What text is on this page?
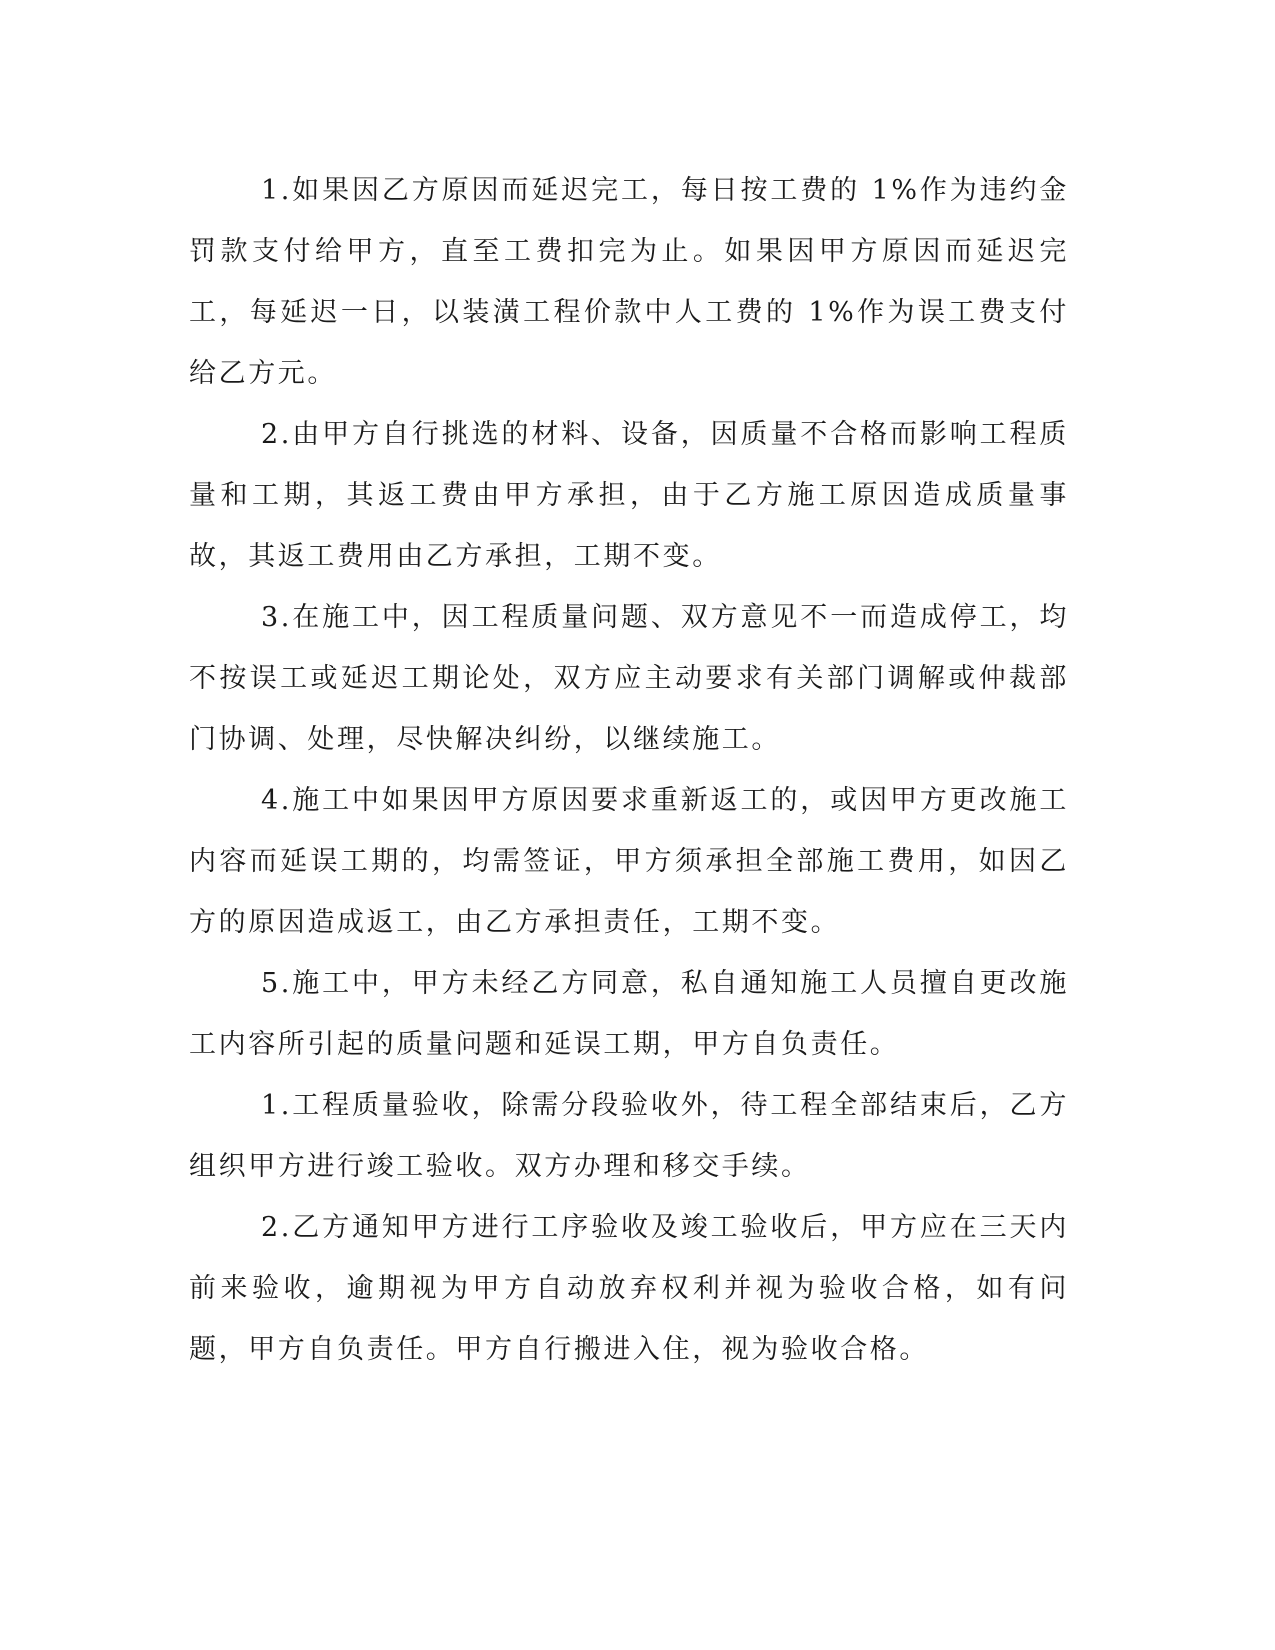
1.如果因乙方原因而延迟完工，每日按工费的 1%作为违约金罚款支付给甲方，直至工费扣完为止。如果因甲方原因而延迟完工，每延迟一日，以装潢工程价款中人工费的 1%作为误工费支付给乙方元。

2.由甲方自行挑选的材料、设备，因质量不合格而影响工程质量和工期，其返工费由甲方承担，由于乙方施工原因造成质量事故，其返工费用由乙方承担，工期不变。

3.在施工中，因工程质量问题、双方意见不一而造成停工，均不按误工或延迟工期论处，双方应主动要求有关部门调解或仲裁部门协调、处理，尽快解决纠纷，以继续施工。

4.施工中如果因甲方原因要求重新返工的，或因甲方更改施工内容而延误工期的，均需签证，甲方须承担全部施工费用，如因乙方的原因造成返工，由乙方承担责任，工期不变。

5.施工中，甲方未经乙方同意，私自通知施工人员擅自更改施工内容所引起的质量问题和延误工期，甲方自负责任。

1.工程质量验收，除需分段验收外，待工程全部结束后，乙方组织甲方进行竣工验收。双方办理和移交手续。

2.乙方通知甲方进行工序验收及竣工验收后，甲方应在三天内前来验收，逾期视为甲方自动放弃权利并视为验收合格，如有问题，甲方自负责任。甲方自行搬进入住，视为验收合格。
